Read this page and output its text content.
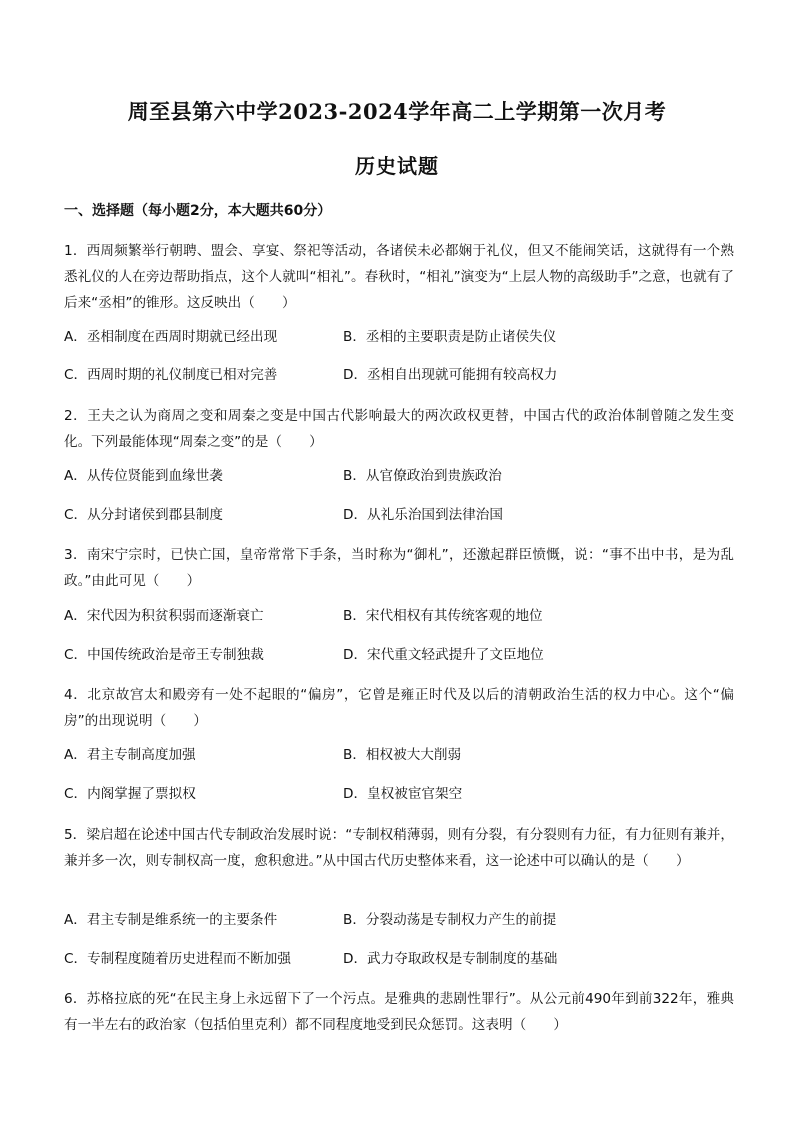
周至县第六中学2023-2024学年高二上学期第一次月考
历史试题
一、选择题（每小题2分，本大题共60分）
1．西周频繁举行朝聘、盟会、享宴、祭祀等活动，各诸侯未必都娴于礼仪，但又不能闹笑话，这就得有一个熟悉礼仪的人在旁边帮助指点，这个人就叫“相礼”。春秋时，“相礼”演变为“上层人物的高级助手”之意，也就有了后来“丞相”的锥形。这反映出（　　）
A．丞相制度在西周时期就已经出现	B．丞相的主要职责是防止诸侯失仪
C．西周时期的礼仪制度已相对完善	D．丞相自出现就可能拥有较高权力
2．王夫之认为商周之变和周秦之变是中国古代影响最大的两次政权更替，中国古代的政治体制曾随之发生变化。下列最能体现“周秦之变”的是（　　）
A．从传位贤能到血缘世袭	B．从官僚政治到贵族政治
C．从分封诸侯到郡县制度	D．从礼乐治国到法律治国
3．南宋宁宗时，已快亡国，皇帝常常下手条，当时称为“御札”，还激起群臣愤慨，说：“事不出中书，是为乱政。”由此可见（　　）
A．宋代因为积贫积弱而逐渐衰亡	B．宋代相权有其传统客观的地位
C．中国传统政治是帝王专制独裁	D．宋代重文轻武提升了文臣地位
4．北京故宫太和殿旁有一处不起眼的“偏房”，它曾是雍正时代及以后的清朝政治生活的权力中心。这个“偏房”的出现说明（　　）
A．君主专制高度加强	B．相权被大大削弱
C．内阁掌握了票拟权	D．皇权被宦官架空
5．梁启超在论述中国古代专制政治发展时说：“专制权稍薄弱，则有分裂，有分裂则有力征，有力征则有兼并，兼并多一次，则专制权高一度，愈积愈进。”从中国古代历史整体来看，这一论述中可以确认的是（　　）
A．君主专制是维系统一的主要条件	B．分裂动荡是专制权力产生的前提
C．专制程度随着历史进程而不断加强	D．武力夺取政权是专制制度的基础
6．苏格拉底的死“在民主身上永远留下了一个污点。是雅典的悲剧性罪行”。从公元前490年到前322年，雅典有一半左右的政治家（包括伯里克利）都不同程度地受到民众惩罚。这表明（　　）
